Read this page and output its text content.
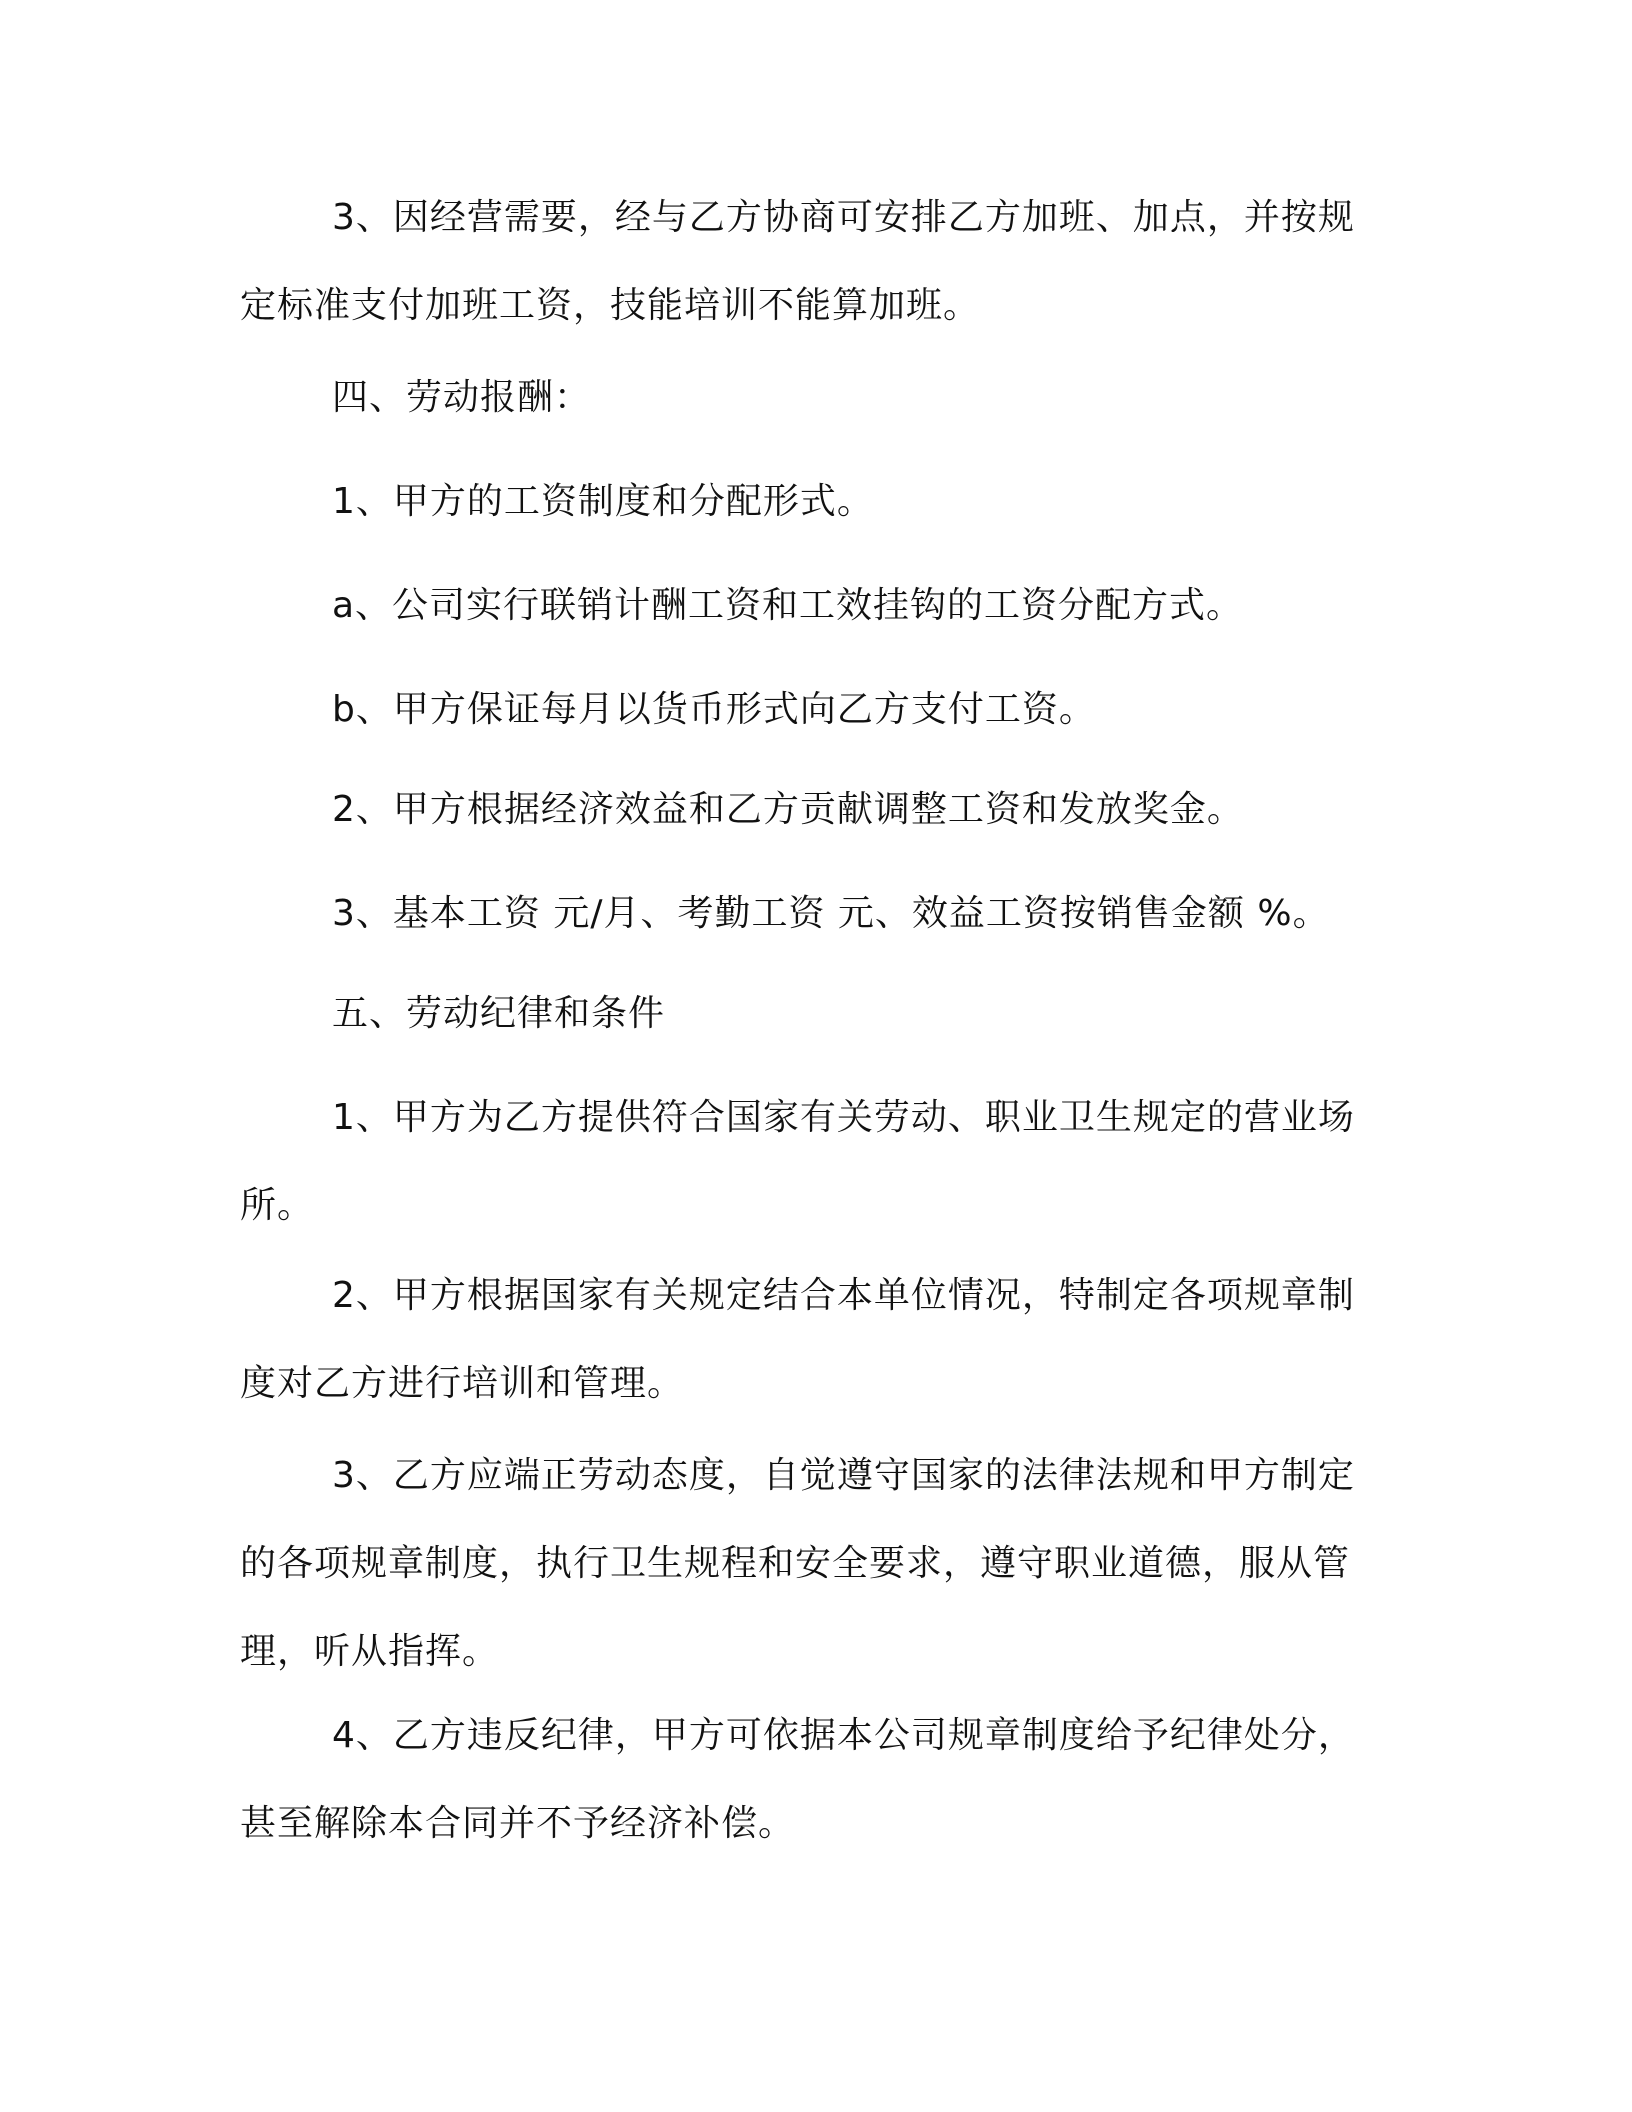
3、因经营需要，经与乙方协商可安排乙方加班、加点，并按规定标准支付加班工资，技能培训不能算加班。

四、劳动报酬：

1、甲方的工资制度和分配形式。

a、公司实行联销计酬工资和工效挂钩的工资分配方式。

b、甲方保证每月以货币形式向乙方支付工资。

2、甲方根据经济效益和乙方贡献调整工资和发放奖金。

3、基本工资 元/月、考勤工资 元、效益工资按销售金额 %。

五、劳动纪律和条件

1、甲方为乙方提供符合国家有关劳动、职业卫生规定的营业场所。

2、甲方根据国家有关规定结合本单位情况，特制定各项规章制度对乙方进行培训和管理。

3、乙方应端正劳动态度，自觉遵守国家的法律法规和甲方制定的各项规章制度，执行卫生规程和安全要求，遵守职业道德，服从管理，听从指挥。

4、乙方违反纪律，甲方可依据本公司规章制度给予纪律处分，甚至解除本合同并不予经济补偿。
